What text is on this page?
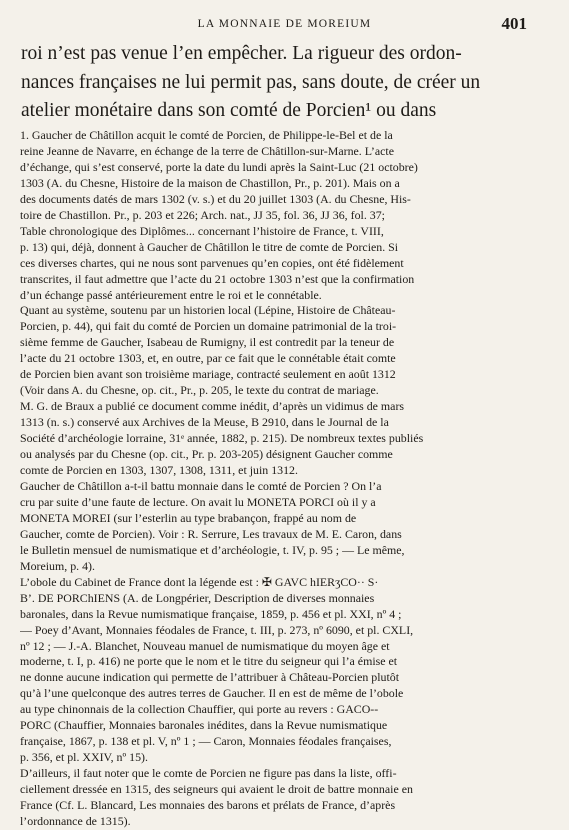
LA MONNAIE DE MOREIUM	401
roi n’est pas venue l’en empêcher. La rigueur des ordon-
nances françaises ne lui permit pas, sans doute, de créer un
atelier monétaire dans son comté de Porcien¹ ou dans
1. Gaucher de Châtillon acquit le comté de Porcien, de Philippe-le-Bel et de la
reine Jeanne de Navarre, en échange de la terre de Châtillon-sur-Marne. L’acte
d’échange, qui s’est conservé, porte la date du lundi après la Saint-Luc (21 octobre)
1303 (A. du Chesne, Histoire de la maison de Chastillon, Pr., p. 201). Mais on a
des documents datés de mars 1302 (v. s.) et du 20 juillet 1303 (A. du Chesne, His-
toire de Chastillon. Pr., p. 203 et 226; Arch. nat., JJ 35, fol. 36, JJ 36, fol. 37;
Table chronologique des Diplômes... concernant l’histoire de France, t. VIII,
p. 13) qui, déjà, donnent à Gaucher de Châtillon le titre de comte de Porcien. Si
ces diverses chartes, qui ne nous sont parvenues qu’en copies, ont été fidèlement
transcrites, il faut admettre que l’acte du 21 octobre 1303 n’est que la confirmation
d’un échange passé antérieurement entre le roi et le connétable.
Quant au système, soutenu par un historien local (Lépine, Histoire de Château-
Porcien, p. 44), qui fait du comté de Porcien un domaine patrimonial de la troi-
sième femme de Gaucher, Isabeau de Rumigny, il est contredit par la teneur de
l’acte du 21 octobre 1303, et, en outre, par ce fait que le connétable était comte
de Porcien bien avant son troisième mariage, contracté seulement en août 1312
(Voir dans A. du Chesne, op. cit., Pr., p. 205, le texte du contrat de mariage.
M. G. de Braux a publié ce document comme inédit, d’après un vidimus de mars
1313 (n. s.) conservé aux Archives de la Meuse, B 2910, dans le Journal de la
Société d’archéologie lorraine, 31ᵉ année, 1882, p. 215). De nombreux textes publiés
ou analysés par du Chesne (op. cit., Pr. p. 203-205) désignent Gaucher comme
comte de Porcien en 1303, 1307, 1308, 1311, et juin 1312.
Gaucher de Châtillon a-t-il battu monnaie dans le comté de Porcien ? On l’a
cru par suite d’une faute de lecture. On avait lu MONETA PORCI où il y a
MONETA MOREI (sur l’esterlin au type brabançon, frappé au nom de
Gaucher, comte de Porcien). Voir : R. Serrure, Les travaux de M. E. Caron, dans
le Bulletin mensuel de numismatique et d’archéologie, t. IV, p. 95 ; — Le même,
Moreium, p. 4).
L’obole du Cabinet de France dont la légende est : ✠ GAVC hIERʒCO·· S·
B’. DE PORChIENS (A. de Longpérier, Description de diverses monnaies
baronales, dans la Revue numismatique française, 1859, p. 456 et pl. XXI, nº 4 ;
— Poey d’Avant, Monnaies féodales de France, t. III, p. 273, nº 6090, et pl. CXLI,
nº 12 ; — J.-A. Blanchet, Nouveau manuel de numismatique du moyen âge et
moderne, t. I, p. 416) ne porte que le nom et le titre du seigneur qui l’a émise et
ne donne aucune indication qui permette de l’attribuer à Château-Porcien plutôt
qu’à l’une quelconque des autres terres de Gaucher. Il en est de même de l’obole
au type chinonnais de la collection Chauffier, qui porte au revers : GACO--
PORC (Chauffier, Monnaies baronales inédites, dans la Revue numismatique
française, 1867, p. 138 et pl. V, nº 1 ; — Caron, Monnaies féodales françaises,
p. 356, et pl. XXIV, nº 15).
D’ailleurs, il faut noter que le comte de Porcien ne figure pas dans la liste, offi-
ciellement dressée en 1315, des seigneurs qui avaient le droit de battre monnaie en
France (Cf. L. Blancard, Les monnaies des barons et prélats de France, d’après
l’ordonnance de 1315).
